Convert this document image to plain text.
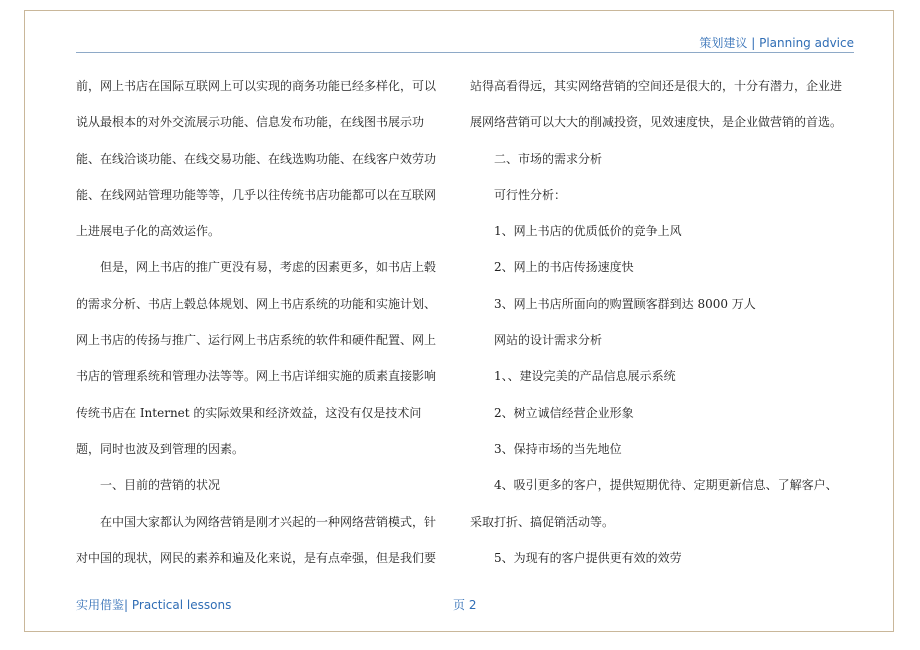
策划建议 | Planning advice

前，网上书店在国际互联网上可以实现的商务功能已经多样化，可以

说从最根本的对外交流展示功能、信息发布功能，在线图书展示功

能、在线洽谈功能、在线交易功能、在线选购功能、在线客户效劳功

能、在线网站管理功能等等，几乎以往传统书店功能都可以在互联网

上进展电子化的高效运作。

但是，网上书店的推广更没有易，考虑的因素更多，如书店上毂

的需求分析、书店上毂总体规划、网上书店系统的功能和实施计划、

网上书店的传扬与推广、运行网上书店系统的软件和硬件配置、网上

书店的管理系统和管理办法等等。网上书店详细实施的质素直接影响

传统书店在 Internet 的实际效果和经济效益，这没有仅是技术问

题，同时也波及到管理的因素。

一、目前的营销的状况

在中国大家都认为网络营销是刚才兴起的一种网络营销模式，针

对中国的现状，网民的素养和遍及化来说，是有点牵强，但是我们要

站得高看得远，其实网络营销的空间还是很大的，十分有潜力，企业进

展网络营销可以大大的削减投资，见效速度快，是企业做营销的首选。

二、市场的需求分析

可行性分析：

1、网上书店的优质低价的竞争上风

2、网上的书店传扬速度快

3、网上书店所面向的购置顾客群到达 8000 万人

网站的设计需求分析

1、、建设完美的产品信息展示系统

2、树立诚信经营企业形象

3、保持市场的当先地位

4、吸引更多的客户，提供短期优待、定期更新信息、了解客户、

采取打折、搞促销活动等。

5、为现有的客户提供更有效的效劳

实用借鉴| Practical lessons	页 2
